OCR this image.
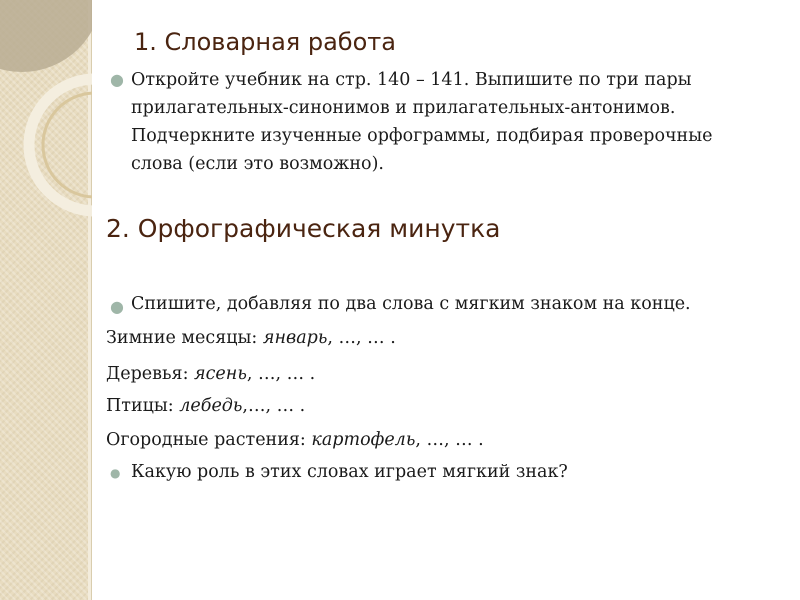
1. Словарная работа
● Откройте учебник на стр. 140 – 141. Выпишите по три пары
прилагательных-синонимов и прилагательных-антонимов.
Подчеркните изученные орфограммы, подбирая проверочные
слова (если это возможно).
2. Орфографическая минутка
● Спишите, добавляя по два слова с мягким знаком на конце.
Зимние месяцы: январь, …, … .
Деревья: ясень, …, … .
Птицы: лебедь,…, … .
Огородные растения: картофель, …, … .
● Какую роль в этих словах играет мягкий знак?
